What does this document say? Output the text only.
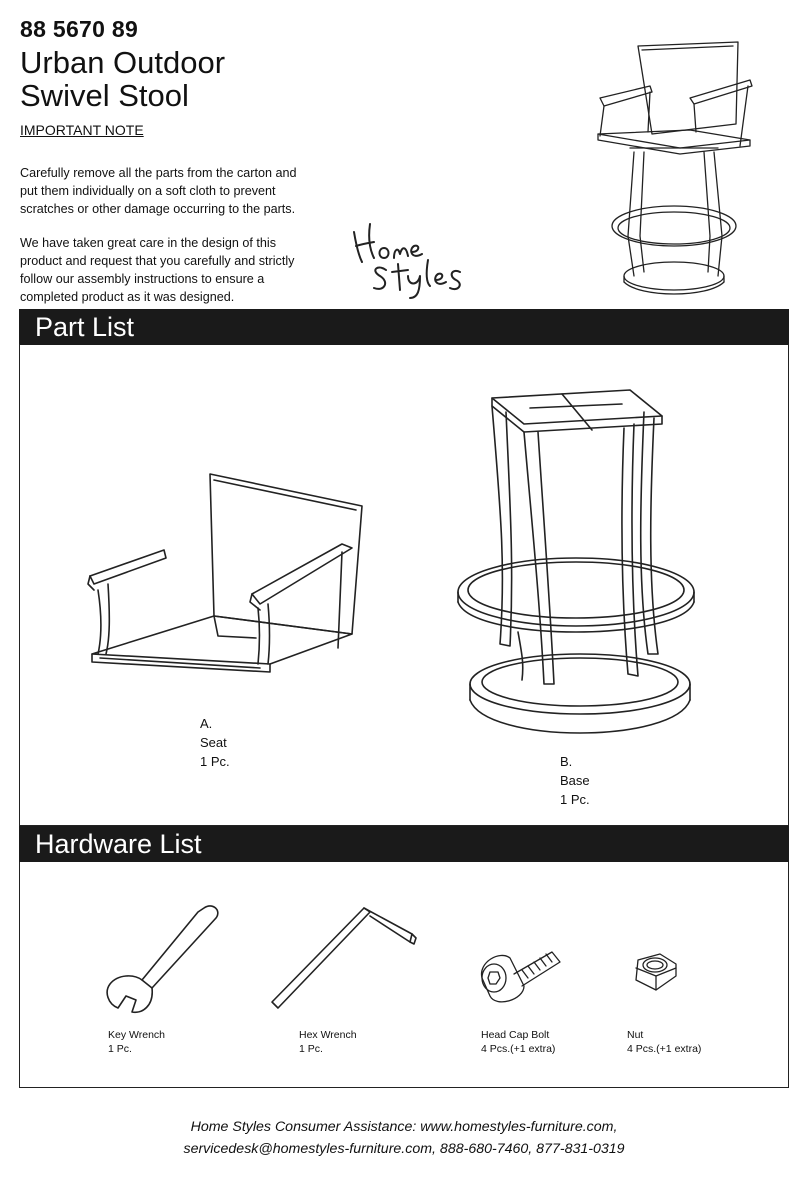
88 5670 89
Urban Outdoor
Swivel Stool
IMPORTANT NOTE
Carefully remove all the parts from the carton and put them individually on a soft cloth to prevent scratches or other damage occurring to the parts.
We have taken great care in the design of this product and request that you carefully and strictly follow our assembly instructions to ensure a completed product as it was designed.
Part List
A.
Seat
1 Pc.	B.
Base
1 Pc.
Hardware List
Key Wrench
1 Pc.
Hex Wrench
1 Pc.
Head Cap Bolt
4 Pcs.(+1 extra)
Nut
4 Pcs.(+1 extra)
Home Styles Consumer Assistance: www.homestyles-furniture.com,
servicedesk@homestyles-furniture.com, 888-680-7460, 877-831-0319
